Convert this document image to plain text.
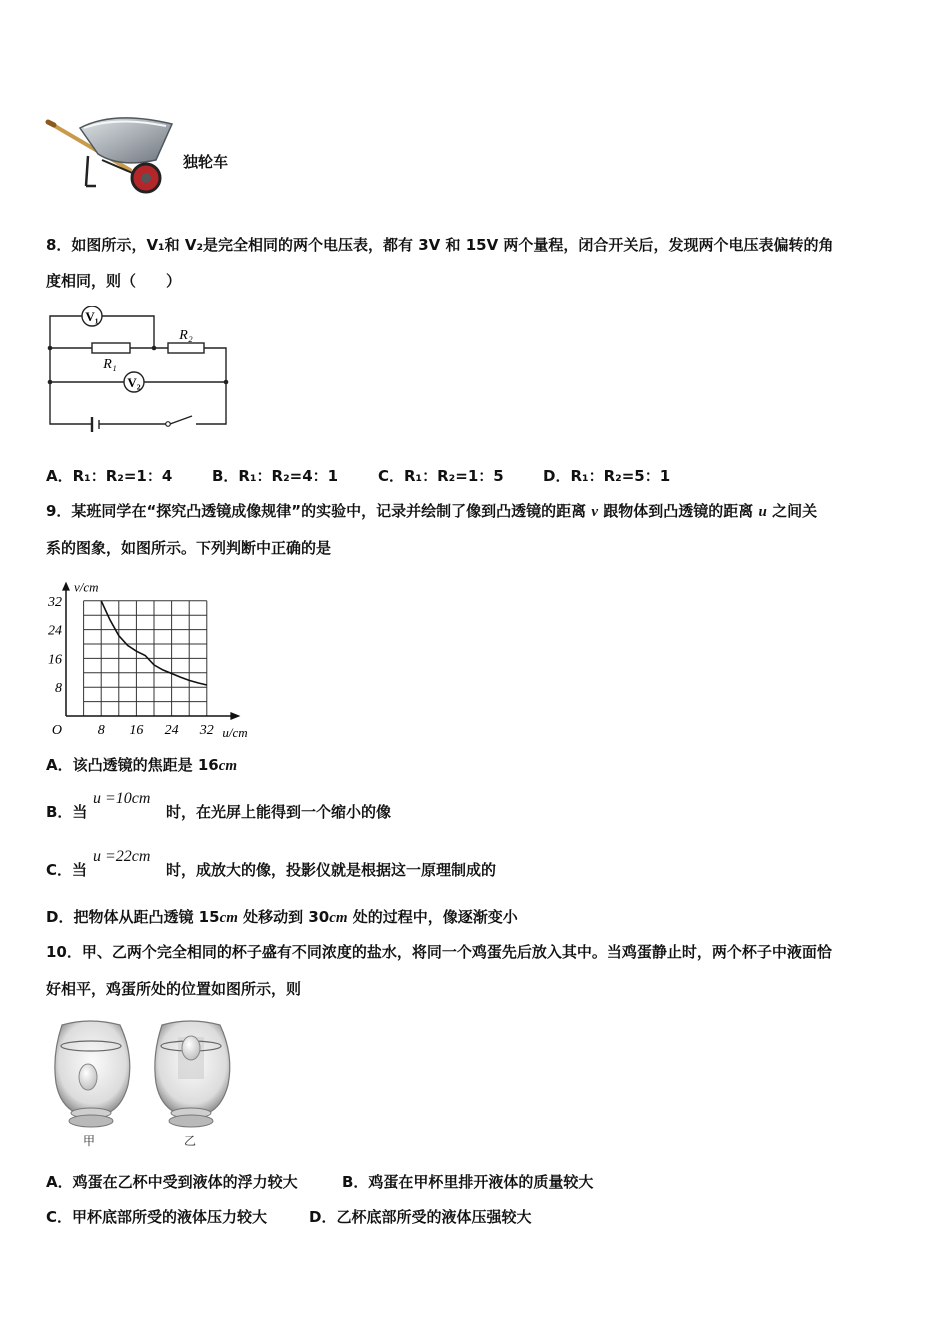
独轮车
8．如图所示，V₁和 V₂是完全相同的两个电压表，都有 3V 和 15V 两个量程，闭合开关后，发现两个电压表偏转的角
度相同，则（　　）
V₁
V₂
R₁
R₂
A．R₁：R₂=1：4	B．R₁：R₂=4：1	C．R₁：R₂=1：5	D．R₁：R₂=5：1
9．某班同学在“探究凸透镜成像规律”的实验中，记录并绘制了像到凸透镜的距离 v 跟物体到凸透镜的距离 u 之间关
系的图象，如图所示。下列判断中正确的是
8 16 24 32
8
16
24
32
O	u/cm
v/cm
A．该凸透镜的焦距是 16cm
B．当
u =10cm
时，在光屏上能得到一个缩小的像
C．当
u =22cm
时，成放大的像，投影仪就是根据这一原理制成的
D．把物体从距凸透镜 15cm 处移动到 30cm 处的过程中，像逐渐变小
10．甲、乙两个完全相同的杯子盛有不同浓度的盐水，将同一个鸡蛋先后放入其中。当鸡蛋静止时，两个杯子中液面恰
好相平，鸡蛋所处的位置如图所示，则
甲	乙
A．鸡蛋在乙杯中受到液体的浮力较大	B．鸡蛋在甲杯里排开液体的质量较大
C．甲杯底部所受的液体压力较大	D．乙杯底部所受的液体压强较大
